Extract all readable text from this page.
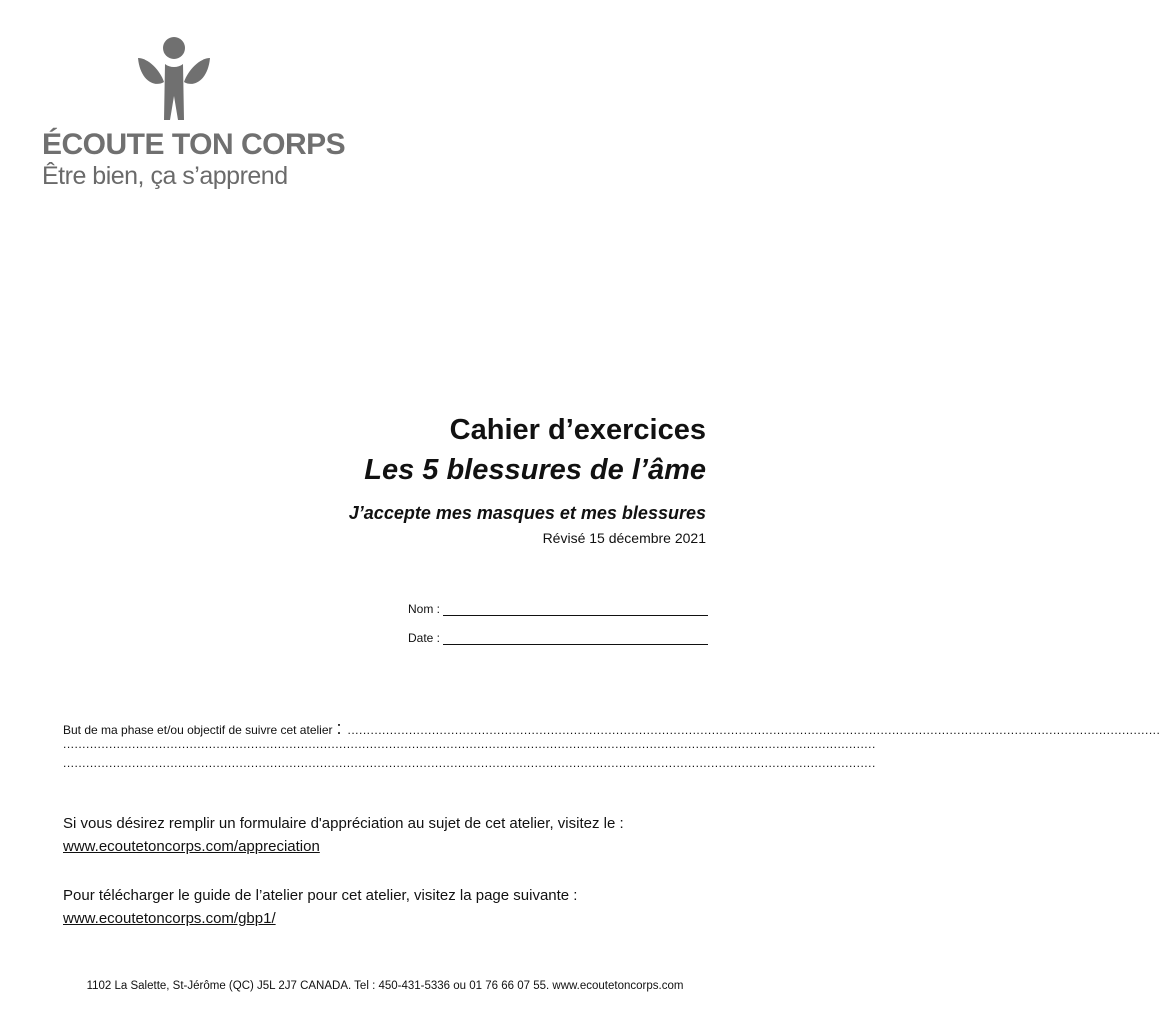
ÉCOUTE TON CORPS
Être bien, ça s’apprend
Cahier d’exercices
Les 5 blessures de l’âme
J’accepte mes masques et mes blessures
Révisé 15 décembre 2021
Nom :
Date :
But de ma phase et/ou objectif de suivre cet atelier : ....................................................................................................................................................................................................................
....................................................................................................................................................................................................................
....................................................................................................................................................................................................................
Si vous désirez remplir un formulaire d'appréciation au sujet de cet atelier, visitez le :
www.ecoutetoncorps.com/appreciation
Pour télécharger le guide de l’atelier pour cet atelier, visitez la page suivante :
www.ecoutetoncorps.com/gbp1/
1102 La Salette, St-Jérôme (QC) J5L 2J7 CANADA. Tel : 450-431-5336 ou 01 76 66 07 55. www.ecoutetoncorps.com
